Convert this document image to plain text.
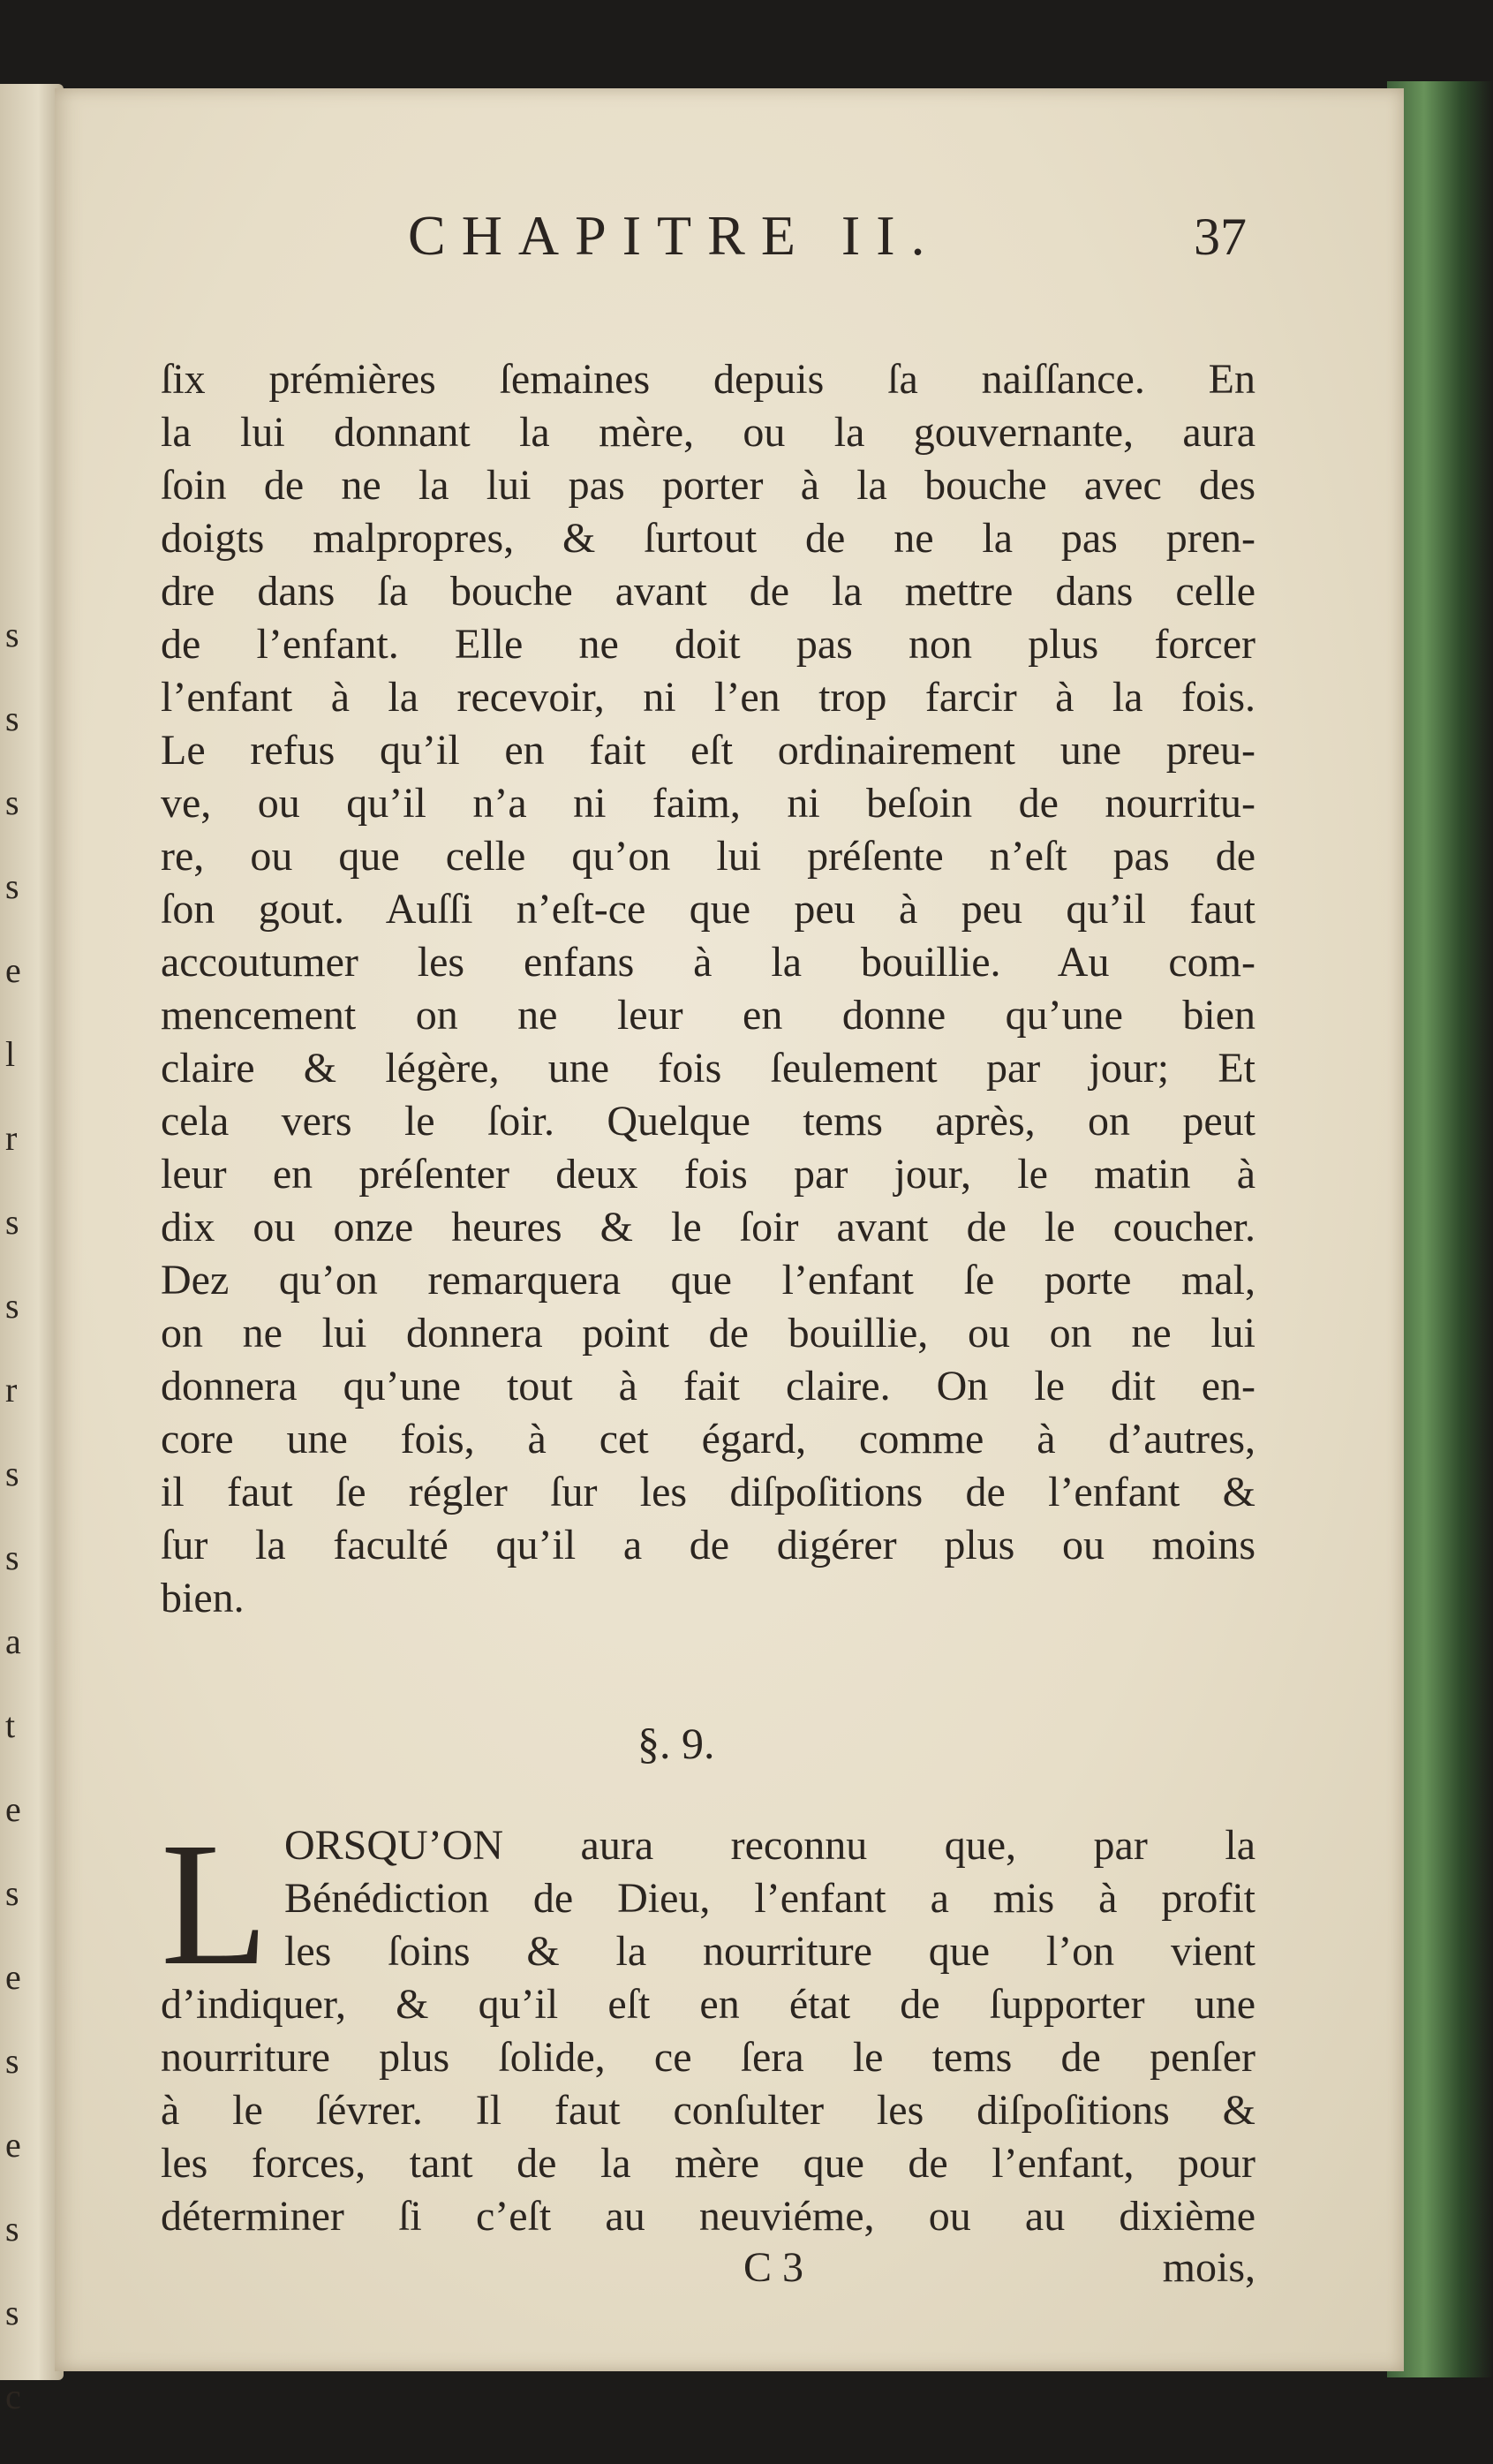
s
s
s
s
e
l
r
s
s
r
s
s
a
t
e
s
e
s
e
s
s
c
CHAPITRE II.	37
ſix prémières ſemaines depuis ſa naiſſance. En
la lui donnant la mère, ou la gouvernante, aura
ſoin de ne la lui pas porter à la bouche avec des
doigts malpropres, & ſurtout de ne la pas pren-
dre dans ſa bouche avant de la mettre dans celle
de l’enfant. Elle ne doit pas non plus forcer
l’enfant à la recevoir, ni l’en trop farcir à la fois.
Le refus qu’il en fait eſt ordinairement une preu-
ve, ou qu’il n’a ni faim, ni beſoin de nourritu-
re, ou que celle qu’on lui préſente n’eſt pas de
ſon gout. Auſſi n’eſt-ce que peu à peu qu’il faut
accoutumer les enfans à la bouillie. Au com-
mencement on ne leur en donne qu’une bien
claire & légère, une fois ſeulement par jour; Et
cela vers le ſoir. Quelque tems après, on peut
leur en préſenter deux fois par jour, le matin à
dix ou onze heures & le ſoir avant de le coucher.
Dez qu’on remarquera que l’enfant ſe porte mal,
on ne lui donnera point de bouillie, ou on ne lui
donnera qu’une tout à fait claire. On le dit en-
core une fois, à cet égard, comme à d’autres,
il faut ſe régler ſur les diſpoſitions de l’enfant &
ſur la faculté qu’il a de digérer plus ou moins
bien.
§. 9.
L ORSQU’ON aura reconnu que, par la
Bénédiction de Dieu, l’enfant a mis à profit
les ſoins & la nourriture que l’on vient
d’indiquer, & qu’il eſt en état de ſupporter une
nourriture plus ſolide, ce ſera le tems de penſer
à le ſévrer. Il faut conſulter les diſpoſitions &
les forces, tant de la mère que de l’enfant, pour
déterminer ſi c’eſt au neuviéme, ou au dixième
C 3	mois,
